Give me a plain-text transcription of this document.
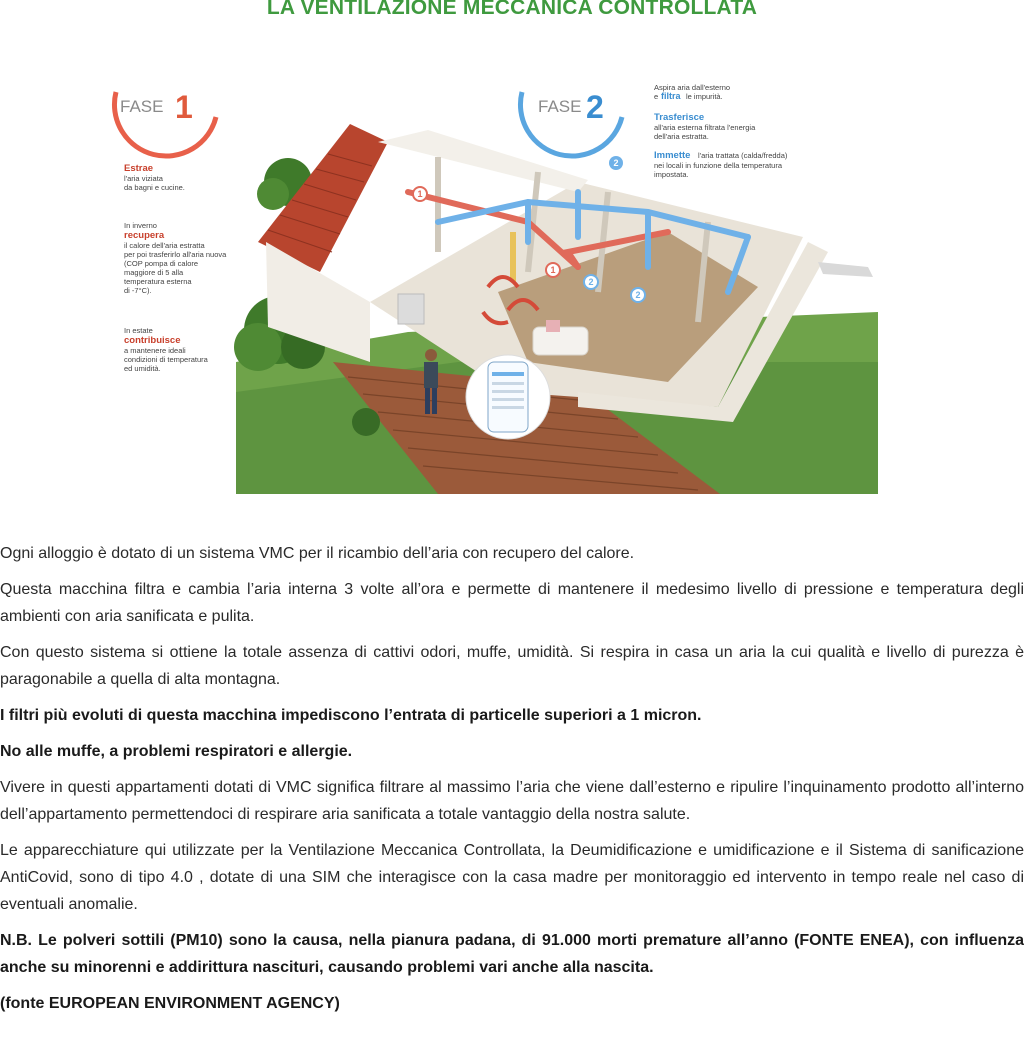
LA VENTILAZIONE MECCANICA CONTROLLATA
1
1
2
2
2
FASE 1	FASE 2
Estrae
l'aria viziata
da bagni e cucine.
In inverno
recupera
il calore dell'aria estratta
per poi trasferirlo all'aria nuova
(COP pompa di calore
maggiore di 5 alla
temperatura esterna
di -7°C).
In estate
contribuisce
a mantenere ideali
condizioni di temperatura
ed umidità.
Aspira aria dall'esterno
e filtra le impurità.
Trasferisce
all'aria esterna filtrata l'energia
dell'aria estratta.
Immette l'aria trattata (calda/fredda)
nei locali in funzione della temperatura
impostata.

Ogni alloggio è dotato di un sistema VMC per il ricambio dell’aria con recupero del calore.

Questa macchina filtra e cambia l’aria interna 3 volte all’ora e permette di mantenere il medesimo livello di pressione e temperatura degli ambienti con aria sanificata e pulita.

Con questo sistema si ottiene la totale assenza di cattivi odori, muffe, umidità. Si respira in casa un aria la cui qualità e livello di purezza è paragonabile a quella di alta montagna.

I filtri più evoluti di questa macchina impediscono l’entrata di particelle superiori a 1 micron.

No alle muffe, a problemi respiratori e allergie.

Vivere in questi appartamenti dotati di VMC significa filtrare al massimo l’aria che viene dall’esterno e ripulire l’inquinamento prodotto all’interno dell’appartamento permettendoci di respirare aria sanificata a totale vantaggio della nostra salute.

Le apparecchiature qui utilizzate per la Ventilazione Meccanica Controllata, la Deumidificazione e umidificazione e il Sistema di sanificazione AntiCovid, sono di tipo 4.0 , dotate di una SIM che interagisce con la casa madre per monitoraggio ed intervento in tempo reale nel caso di eventuali anomalie.

N.B. Le polveri sottili (PM10) sono la causa, nella pianura padana, di 91.000 morti premature all’anno (FONTE ENEA), con influenza anche su minorenni e addirittura nascituri, causando problemi vari anche alla nascita.

(fonte EUROPEAN ENVIRONMENT AGENCY)
